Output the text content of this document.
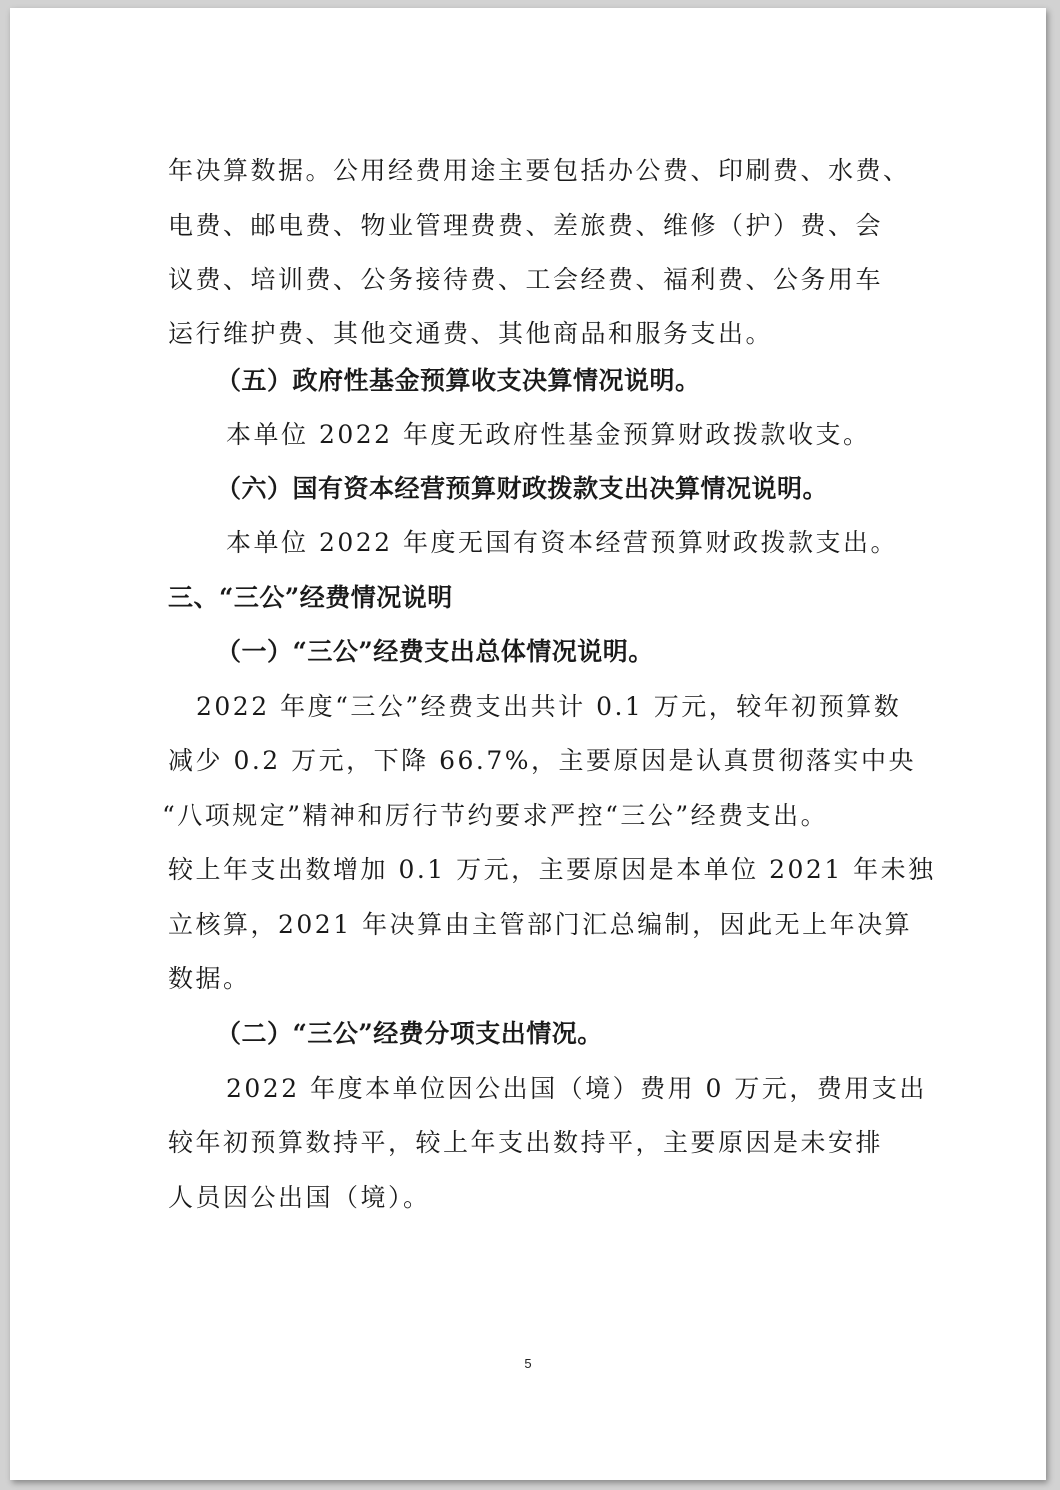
年决算数据。公用经费用途主要包括办公费、印刷费、水费、
电费、邮电费、物业管理费费、差旅费、维修（护）费、会
议费、培训费、公务接待费、工会经费、福利费、公务用车
运行维护费、其他交通费、其他商品和服务支出。
（五）政府性基金预算收支决算情况说明。
本单位 2022 年度无政府性基金预算财政拨款收支。
（六）国有资本经营预算财政拨款支出决算情况说明。
本单位 2022 年度无国有资本经营预算财政拨款支出。
三、“三公”经费情况说明
（一）“三公”经费支出总体情况说明。
2022 年度“三公”经费支出共计 0.1 万元，较年初预算数
减少 0.2 万元，下降 66.7%，主要原因是认真贯彻落实中央
“八项规定”精神和厉行节约要求严控“三公”经费支出。
较上年支出数增加 0.1 万元，主要原因是本单位 2021 年未独
立核算，2021 年决算由主管部门汇总编制，因此无上年决算
数据。
（二）“三公”经费分项支出情况。
2022 年度本单位因公出国（境）费用 0 万元，费用支出
较年初预算数持平，较上年支出数持平，主要原因是未安排
人员因公出国（境）。
5
